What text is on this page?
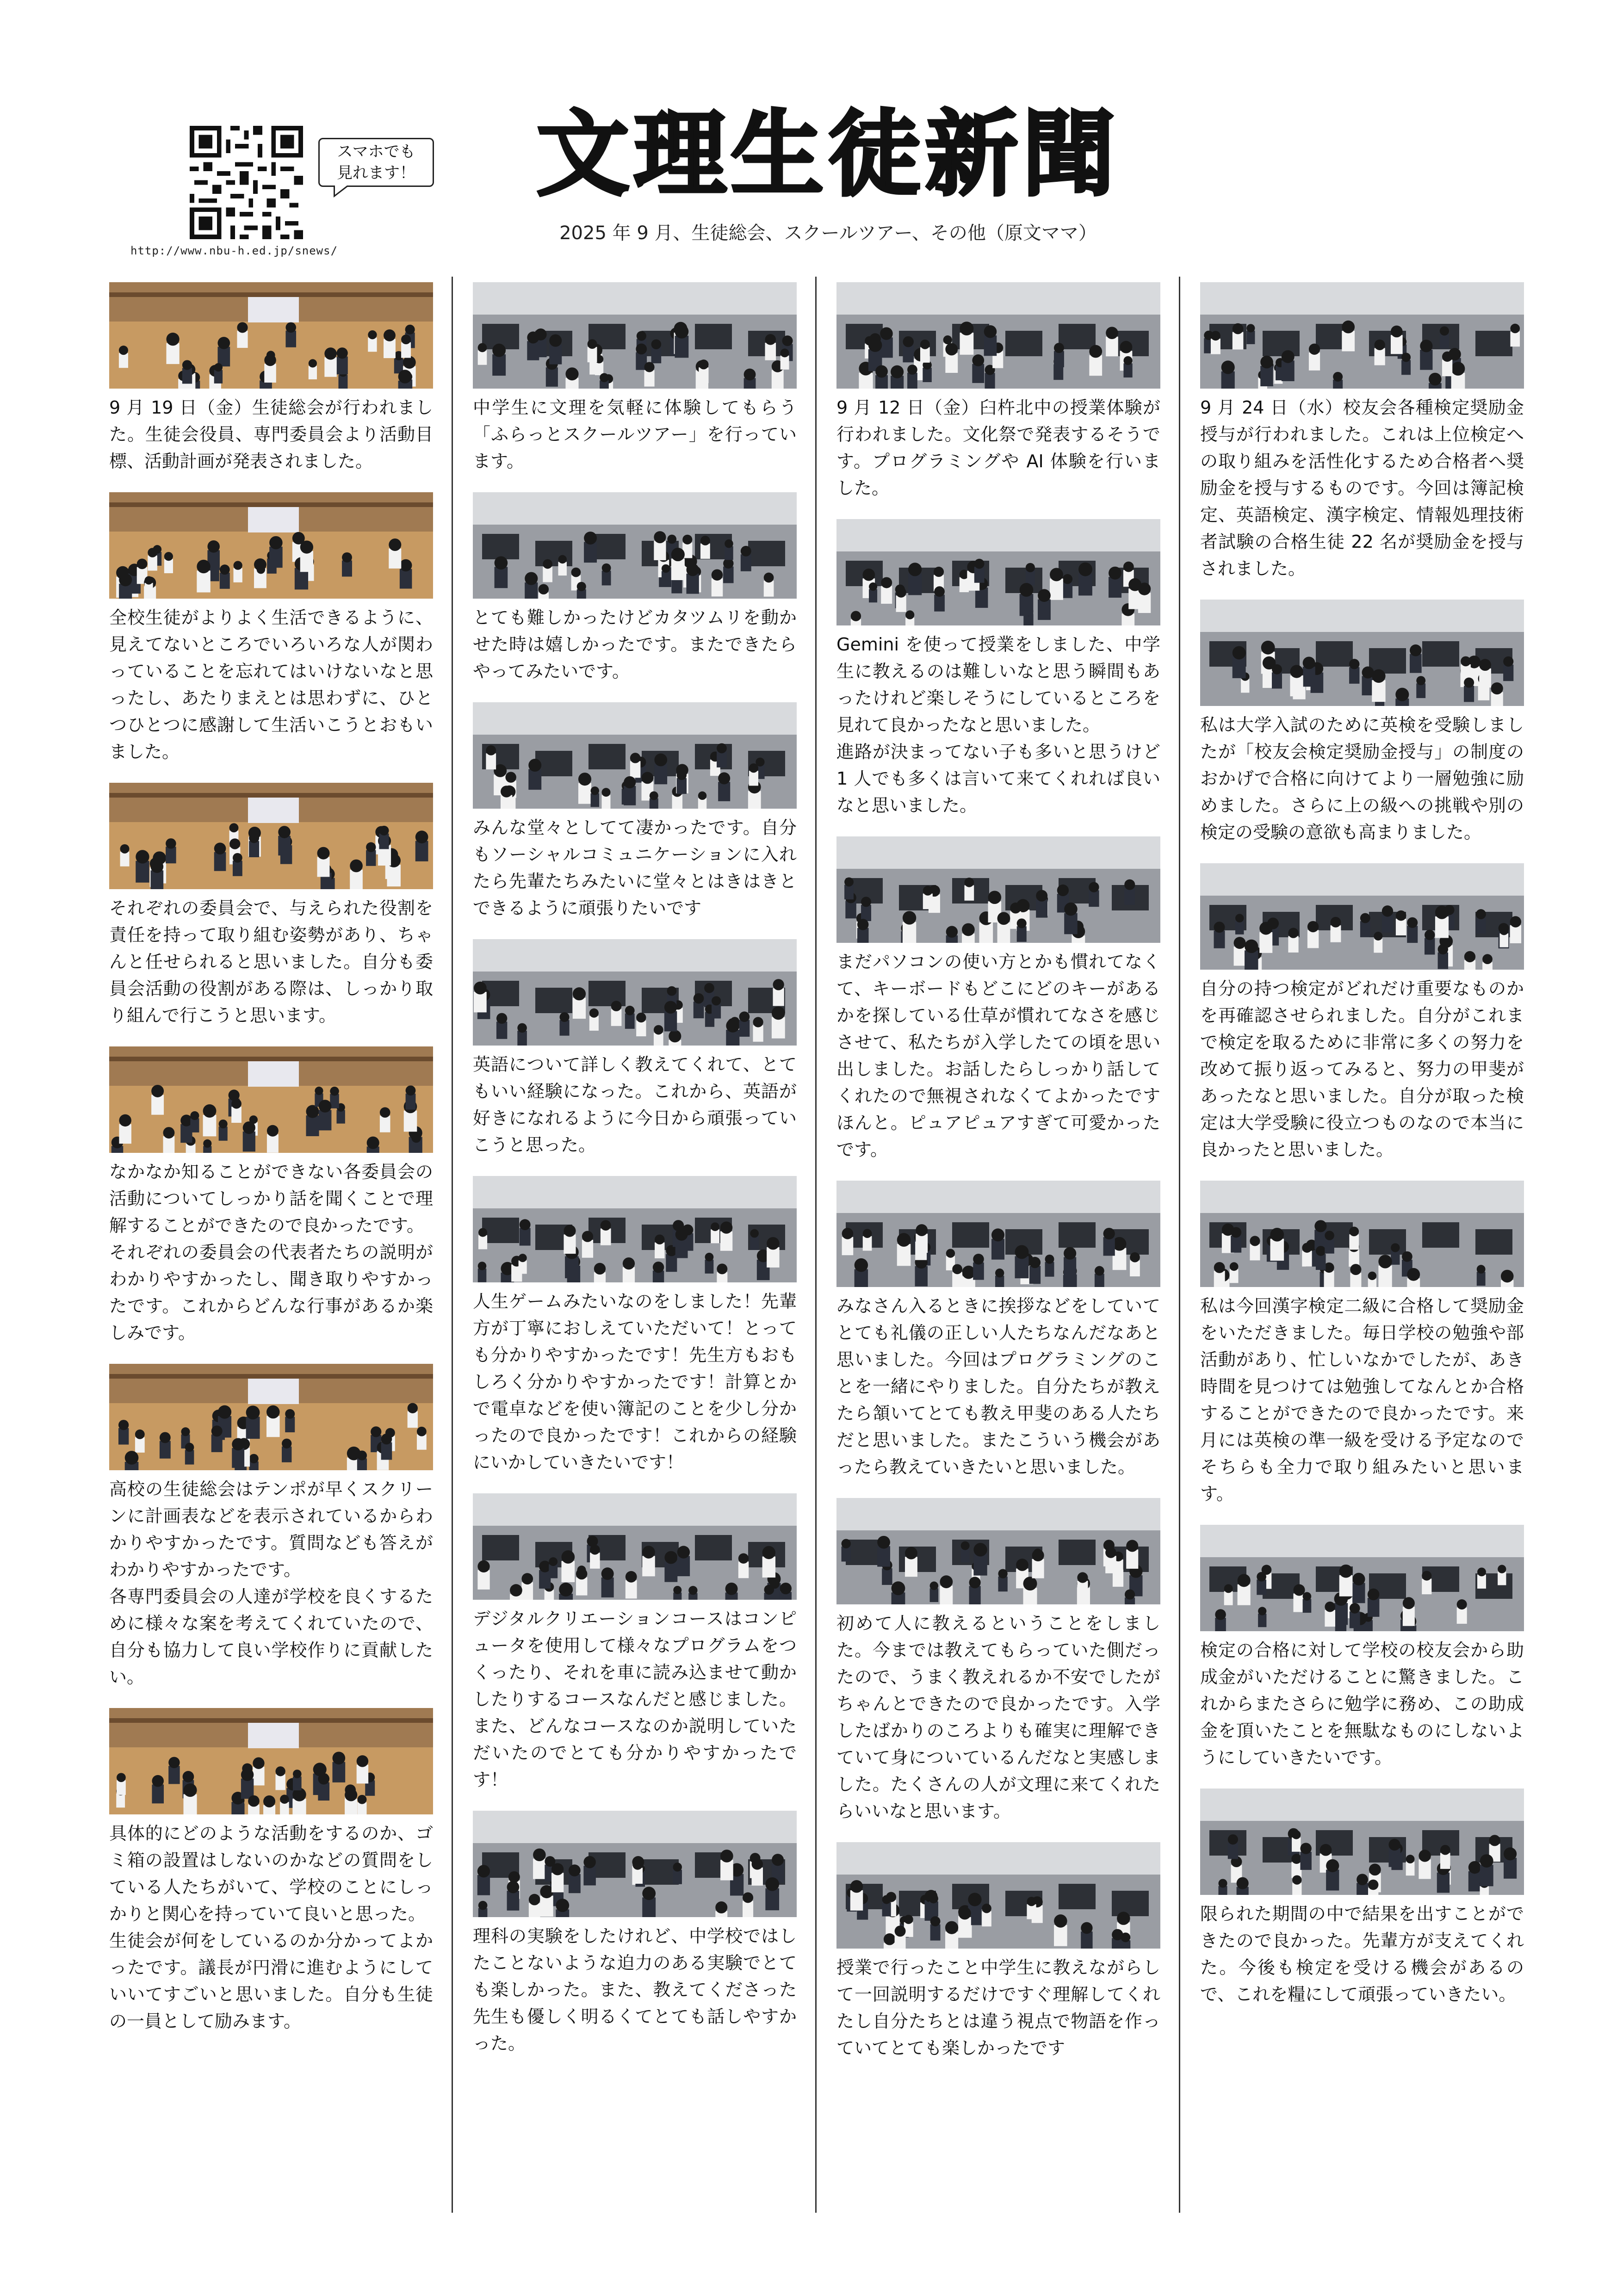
スマホでも
見れます！
http://www.nbu-h.ed.jp/snews/
文理生徒新聞
2025 年 9 月、生徒総会、スクールツアー、その他（原文ママ）
9 月 19 日（金）生徒総会が行われました。生徒会役員、専門委員会より活動目標、活動計画が発表されました。
全校生徒がよりよく生活できるように、見えてないところでいろいろな人が関わっていることを忘れてはいけないなと思ったし、あたりまえとは思わずに、ひとつひとつに感謝して生活いこうとおもいました。
それぞれの委員会で、与えられた役割を責任を持って取り組む姿勢があり、ちゃんと任せられると思いました。自分も委員会活動の役割がある際は、しっかり取り組んで行こうと思います。
なかなか知ることができない各委員会の活動についてしっかり話を聞くことで理解することができたので良かったです。
それぞれの委員会の代表者たちの説明がわかりやすかったし、聞き取りやすかったです。これからどんな行事があるか楽しみです。
高校の生徒総会はテンポが早くスクリーンに計画表などを表示されているからわかりやすかったです。質問なども答えがわかりやすかったです。
各専門委員会の人達が学校を良くするために様々な案を考えてくれていたので、自分も協力して良い学校作りに貢献したい。
具体的にどのような活動をするのか、ゴミ箱の設置はしないのかなどの質問をしている人たちがいて、学校のことにしっかりと関心を持っていて良いと思った。
生徒会が何をしているのか分かってよかったです。議長が円滑に進むようにしていいてすごいと思いました。自分も生徒の一員として励みます。
中学生に文理を気軽に体験してもらう「ふらっとスクールツアー」を行っています。
とても難しかったけどカタツムリを動かせた時は嬉しかったです。またできたらやってみたいです。
みんな堂々としてて凄かったです。自分もソーシャルコミュニケーションに入れたら先輩たちみたいに堂々とはきはきとできるように頑張りたいです
英語について詳しく教えてくれて、とてもいい経験になった。これから、英語が好きになれるように今日から頑張っていこうと思った。
人生ゲームみたいなのをしました！先輩方が丁寧におしえていただいて！とっても分かりやすかったです！先生方もおもしろく分かりやすかったです！計算とかで電卓などを使い簿記のことを少し分かったので良かったです！これからの経験にいかしていきたいです！
デジタルクリエーションコースはコンピュータを使用して様々なプログラムをつくったり、それを車に読み込ませて動かしたりするコースなんだと感じました。また、どんなコースなのか説明していただいたのでとても分かりやすかったです！
理科の実験をしたけれど、中学校ではしたことないような迫力のある実験でとても楽しかった。また、教えてくださった先生も優しく明るくてとても話しやすかった。
9 月 12 日（金）臼杵北中の授業体験が行われました。文化祭で発表するそうです。プログラミングや AI 体験を行いました。
Gemini を使って授業をしました、中学生に教えるのは難しいなと思う瞬間もあったけれど楽しそうにしているところを見れて良かったなと思いました。
進路が決まってない子も多いと思うけど 1 人でも多くは言いて来てくれれば良いなと思いました。
まだパソコンの使い方とかも慣れてなくて、キーボードもどこにどのキーがあるかを探している仕草が慣れてなさを感じさせて、私たちが入学したての頃を思い出しました。お話したらしっかり話してくれたので無視されなくてよかったですほんと。ピュアピュアすぎて可愛かったです。
みなさん入るときに挨拶などをしていてとても礼儀の正しい人たちなんだなあと思いました。今回はプログラミングのことを一緒にやりました。自分たちが教えたら頷いてとても教え甲斐のある人たちだと思いました。またこういう機会があったら教えていきたいと思いました。
初めて人に教えるということをしました。今までは教えてもらっていた側だったので、うまく教えれるか不安でしたがちゃんとできたので良かったです。入学したばかりのころよりも確実に理解できていて身についているんだなと実感しました。たくさんの人が文理に来てくれたらいいなと思います。
授業で行ったこと中学生に教えながらして一回説明するだけですぐ理解してくれたし自分たちとは違う視点で物語を作っていてとても楽しかったです
9 月 24 日（水）校友会各種検定奨励金授与が行われました。これは上位検定への取り組みを活性化するため合格者へ奨励金を授与するものです。今回は簿記検定、英語検定、漢字検定、情報処理技術者試験の合格生徒 22 名が奨励金を授与されました。
私は大学入試のために英検を受験しましたが「校友会検定奨励金授与」の制度のおかげで合格に向けてより一層勉強に励めました。さらに上の級への挑戦や別の検定の受験の意欲も高まりました。
自分の持つ検定がどれだけ重要なものかを再確認させられました。自分がこれまで検定を取るために非常に多くの努力を改めて振り返ってみると、努力の甲斐があったなと思いました。自分が取った検定は大学受験に役立つものなので本当に良かったと思いました。
私は今回漢字検定二級に合格して奨励金をいただきました。毎日学校の勉強や部活動があり、忙しいなかでしたが、あき時間を見つけては勉強してなんとか合格することができたので良かったです。来月には英検の準一級を受ける予定なのでそちらも全力で取り組みたいと思います。
検定の合格に対して学校の校友会から助成金がいただけることに驚きました。これからまたさらに勉学に務め、この助成金を頂いたことを無駄なものにしないようにしていきたいです。
限られた期間の中で結果を出すことができたので良かった。先輩方が支えてくれた。今後も検定を受ける機会があるので、これを糧にして頑張っていきたい。
